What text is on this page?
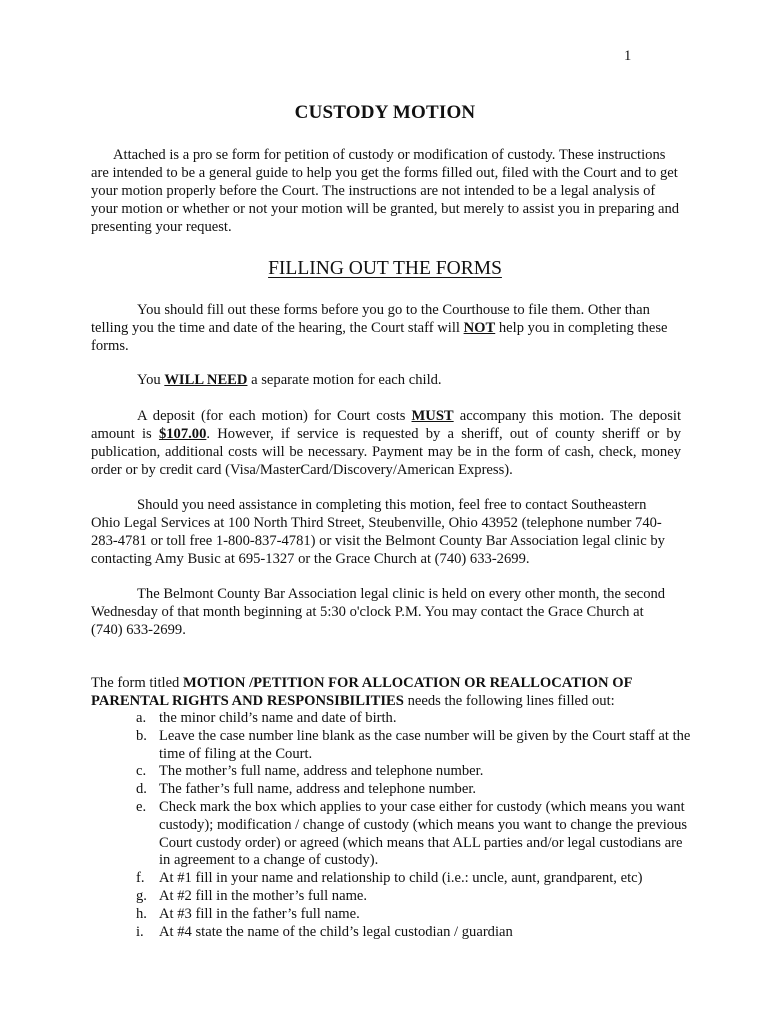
1
CUSTODY MOTION

Attached is a pro se form for petition of custody or modification of custody. These instructions are intended to be a general guide to help you get the forms filled out, filed with the Court and to get your motion properly before the Court. The instructions are not intended to be a legal analysis of your motion or whether or not your motion will be granted, but merely to assist you in preparing and presenting your request.

FILLING OUT THE FORMS

You should fill out these forms before you go to the Courthouse to file them. Other than telling you the time and date of the hearing, the Court staff will NOT help you in completing these forms.

You WILL NEED a separate motion for each child.

A deposit (for each motion) for Court costs MUST accompany this motion. The deposit amount is $107.00. However, if service is requested by a sheriff, out of county sheriff or by publication, additional costs will be necessary. Payment may be in the form of cash, check, money order or by credit card (Visa/MasterCard/Discovery/American Express).

Should you need assistance in completing this motion, feel free to contact Southeastern Ohio Legal Services at 100 North Third Street, Steubenville, Ohio 43952 (telephone number 740-283-4781 or toll free 1-800-837-4781) or visit the Belmont County Bar Association legal clinic by contacting Amy Busic at 695-1327 or the Grace Church at (740) 633-2699.

The Belmont County Bar Association legal clinic is held on every other month, the second Wednesday of that month beginning at 5:30 o'clock P.M. You may contact the Grace Church at (740) 633-2699.

The form titled MOTION /PETITION FOR ALLOCATION OR REALLOCATION OF PARENTAL RIGHTS AND RESPONSIBILITIES needs the following lines filled out:

a. the minor child’s name and date of birth.
b. Leave the case number line blank as the case number will be given by the Court staff at the time of filing at the Court.
c. The mother’s full name, address and telephone number.
d. The father’s full name, address and telephone number.
e. Check mark the box which applies to your case either for custody (which means you want custody); modification / change of custody (which means you want to change the previous Court custody order) or agreed (which means that ALL parties and/or legal custodians are in agreement to a change of custody).
f. At #1 fill in your name and relationship to child (i.e.: uncle, aunt, grandparent, etc)
g. At #2 fill in the mother’s full name.
h. At #3 fill in the father’s full name.
i. At #4 state the name of the child’s legal custodian / guardian
